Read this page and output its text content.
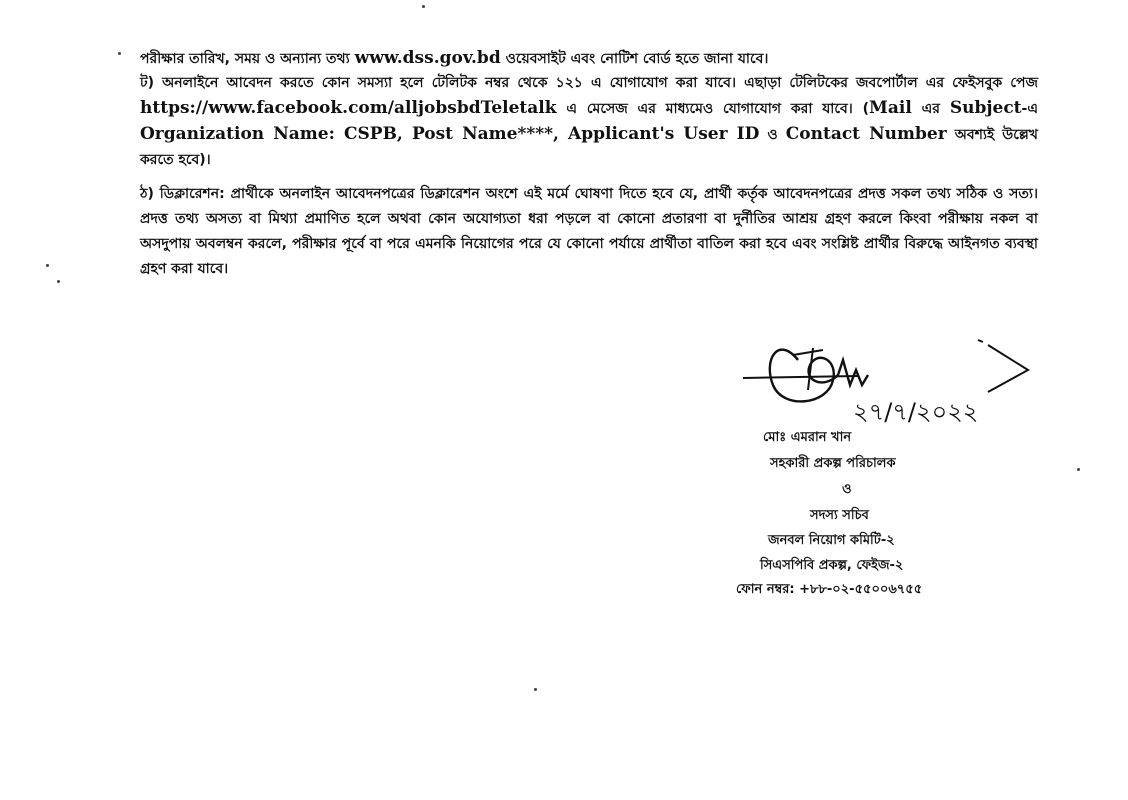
পরীক্ষার তারিখ, সময় ও অন্যান্য তথ্য www.dss.gov.bd ওয়েবসাইট এবং নোটিশ বোর্ড হতে জানা যাবে।
ট) অনলাইনে আবেদন করতে কোন সমস্যা হলে টেলিটক নম্বর থেকে ১২১ এ যোগাযোগ করা যাবে। এছাড়া টেলিটকের জবপোর্টাল এর ফেইসবুক পেজ https://www.facebook.com/alljobsbdTeletalk এ মেসেজ এর মাধ্যমেও যোগাযোগ করা যাবে। (Mail এর Subject-এ Organization Name: CSPB, Post Name****, Applicant's User ID ও Contact Number অবশ্যই উল্লেখ করতে হবে)।
ঠ) ডিক্লারেশন: প্রার্থীকে অনলাইন আবেদনপত্রের ডিক্লারেশন অংশে এই মর্মে ঘোষণা দিতে হবে যে, প্রার্থী কর্তৃক আবেদনপত্রের প্রদত্ত সকল তথ্য সঠিক ও সত্য। প্রদত্ত তথ্য অসত্য বা মিথ্যা প্রমাণিত হলে অথবা কোন অযোগ্যতা ধরা পড়লে বা কোনো প্রতারণা বা দুর্নীতির আশ্রয় গ্রহণ করলে কিংবা পরীক্ষায় নকল বা অসদুপায় অবলম্বন করলে, পরীক্ষার পূর্বে বা পরে এমনকি নিয়োগের পরে যে কোনো পর্যায়ে প্রার্থীতা বাতিল করা হবে এবং সংশ্লিষ্ট প্রার্থীর বিরুদ্ধে আইনগত ব্যবস্থা গ্রহণ করা যাবে।
২৭/৭/২০২২
মোঃ এমরান খান
সহকারী প্রকল্প পরিচালক
ও
সদস্য সচিব
জনবল নিয়োগ কমিটি-২
সিএসপিবি প্রকল্প, ফেইজ-২
ফোন নম্বর: +৮৮-০২-৫৫০০৬৭৫৫
